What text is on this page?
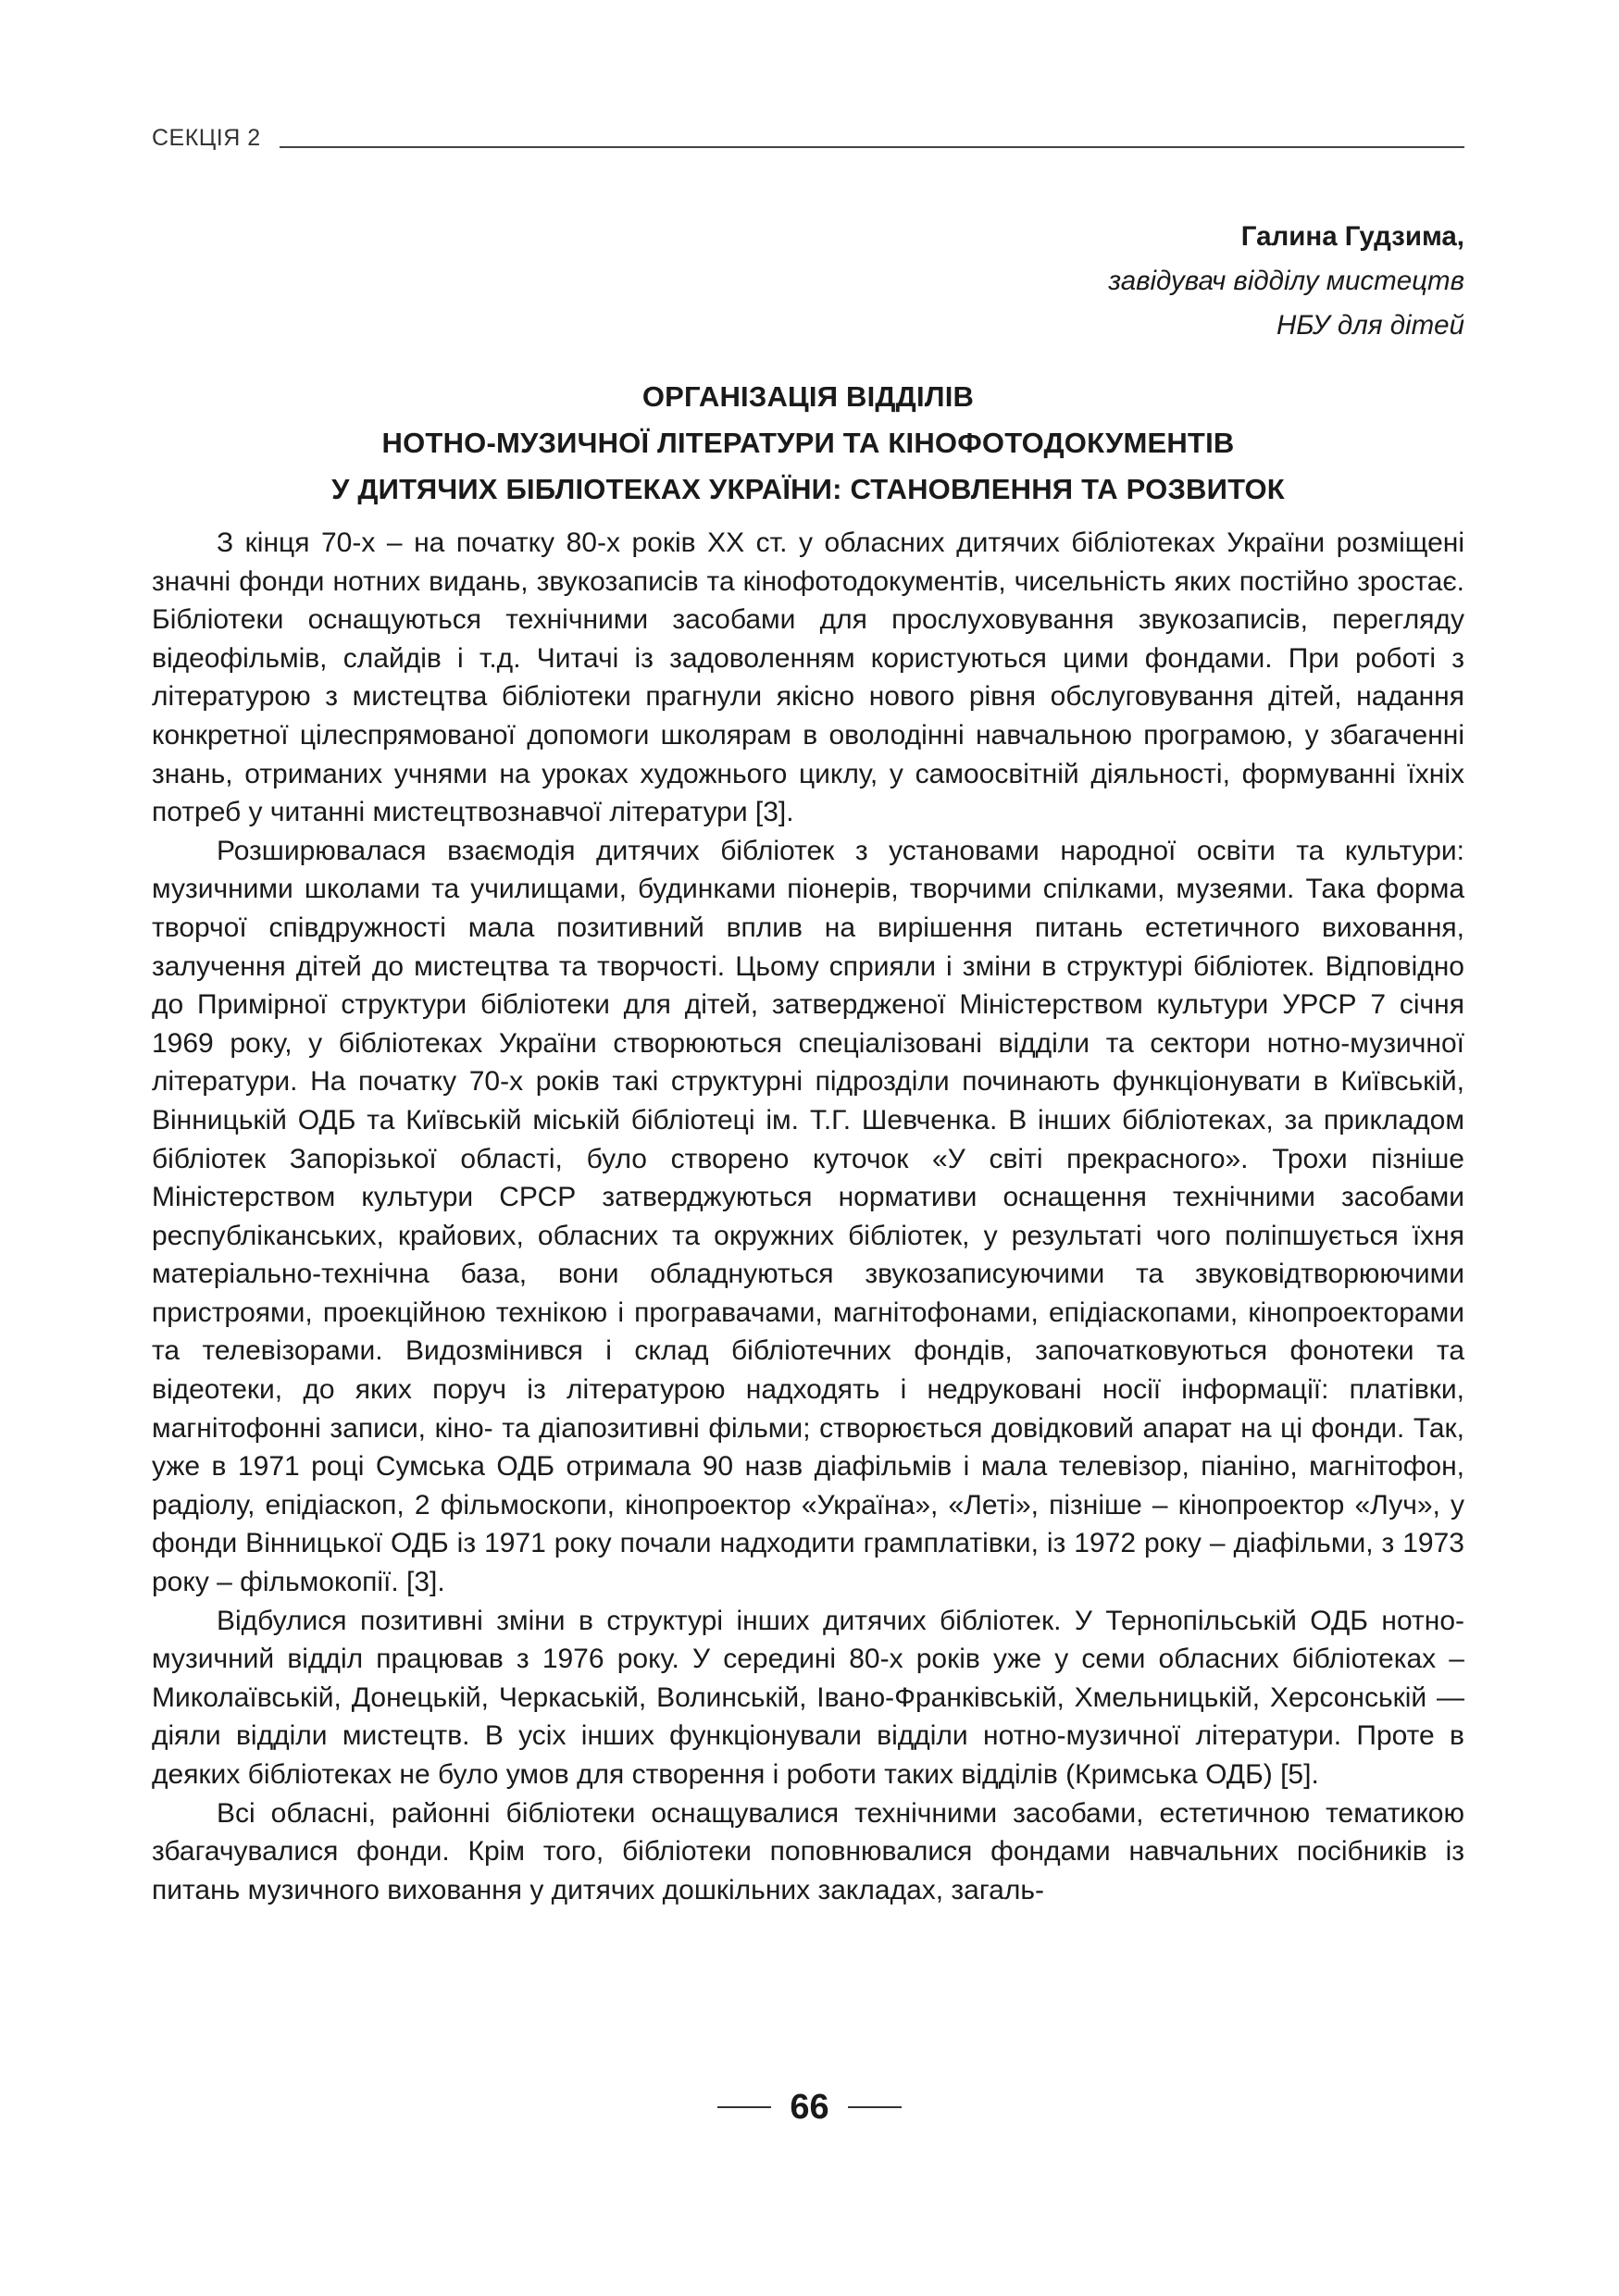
СЕКЦІЯ 2
Галина Гудзима,
завідувач відділу мистецтв
НБУ для дітей
ОРГАНІЗАЦІЯ ВІДДІЛІВ
НОТНО-МУЗИЧНОЇ ЛІТЕРАТУРИ ТА КІНОФОТОДОКУМЕНТІВ
У ДИТЯЧИХ БІБЛІОТЕКАХ УКРАЇНИ: СТАНОВЛЕННЯ ТА РОЗВИТОК

З кінця 70-х – на початку 80-х років XX ст. у обласних дитячих бібліотеках України розміщені значні фонди нотних видань, звукозаписів та кінофотодокументів, чисельність яких постійно зростає. Бібліотеки оснащуються технічними засобами для прослуховування звукозаписів, перегляду відеофільмів, слайдів і т.д. Читачі із задоволенням користуються цими фондами. При роботі з літературою з мистецтва бібліотеки прагнули якісно нового рівня обслуговування дітей, надання конкретної цілеспрямованої допомоги школярам в оволодінні навчальною програмою, у збагаченні знань, отриманих учнями на уроках художнього циклу, у самоосвітній діяльності, формуванні їхніх потреб у читанні мистецтвознавчої літератури [3].

Розширювалася взаємодія дитячих бібліотек з установами народної освіти та культури: музичними школами та училищами, будинками піонерів, творчими спілками, музеями. Така форма творчої співдружності мала позитивний вплив на вирішення питань естетичного виховання, залучення дітей до мистецтва та творчості. Цьому сприяли і зміни в структурі бібліотек. Відповідно до Примірної структури бібліотеки для дітей, затвердженої Міністерством культури УРСР 7 січня 1969 року, у бібліотеках України створюються спеціалізовані відділи та сектори нотно-музичної літератури. На початку 70-х років такі структурні підрозділи починають функціонувати в Київській, Вінницькій ОДБ та Київській міській бібліотеці ім. Т.Г. Шевченка. В інших бібліотеках, за прикладом бібліотек Запорізької області, було створено куточок «У світі прекрасного». Трохи пізніше Міністерством культури СРСР затверджуються нормативи оснащення технічними засобами республіканських, крайових, обласних та окружних бібліотек, у результаті чого поліпшується їхня матеріально-технічна база, вони обладнуються звукозаписуючими та звуковідтворюючими пристроями, проекційною технікою і програвачами, магнітофонами, епідіаскопами, кінопроекторами та телевізорами. Видозмінився і склад бібліотечних фондів, започатковуються фонотеки та відеотеки, до яких поруч із літературою надходять і недруковані носії інформації: платівки, магнітофонні записи, кіно- та діапозитивні фільми; створюється довідковий апарат на ці фонди. Так, уже в 1971 році Сумська ОДБ отримала 90 назв діафільмів і мала телевізор, піаніно, магнітофон, радіолу, епідіаскоп, 2 фільмоскопи, кінопроектор «Україна», «Леті», пізніше – кінопроектор «Луч», у фонди Вінницької ОДБ із 1971 року почали надходити грамплатівки, із 1972 року – діафільми, з 1973 року – фільмокопії. [3].

Відбулися позитивні зміни в структурі інших дитячих бібліотек. У Тернопільській ОДБ нотно-музичний відділ працював з 1976 року. У середині 80-х років уже у семи обласних бібліотеках – Миколаївській, Донецькій, Черкаській, Волинській, Івано-Франківській, Хмельницькій, Херсонській — діяли відділи мистецтв. В усіх інших функціонували відділи нотно-музичної літератури. Проте в деяких бібліотеках не було умов для створення і роботи таких відділів (Кримська ОДБ) [5].

Всі обласні, районні бібліотеки оснащувалися технічними засобами, естетичною тематикою збагачувалися фонди. Крім того, бібліотеки поповнювалися фондами навчальних посібників із питань музичного виховання у дитячих дошкільних закладах, загаль-

66
